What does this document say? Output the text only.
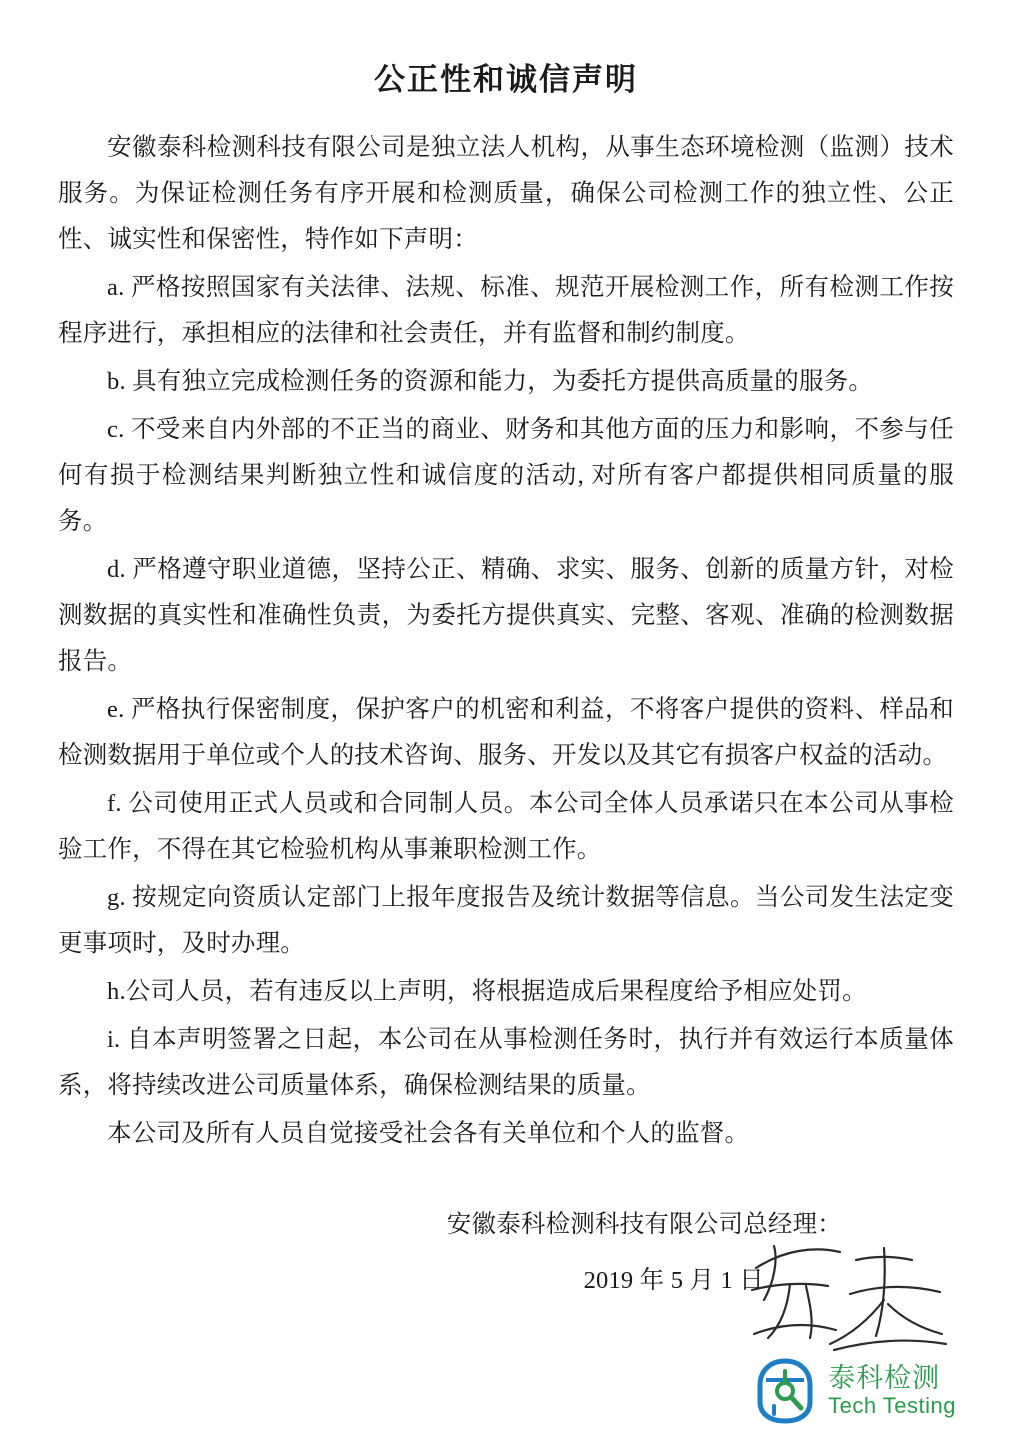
公正性和诚信声明

安徽泰科检测科技有限公司是独立法人机构，从事生态环境检测（监测）技术服务。为保证检测任务有序开展和检测质量，确保公司检测工作的独立性、公正性、诚实性和保密性，特作如下声明：

a. 严格按照国家有关法律、法规、标准、规范开展检测工作，所有检测工作按程序进行，承担相应的法律和社会责任，并有监督和制约制度。

b. 具有独立完成检测任务的资源和能力，为委托方提供高质量的服务。

c. 不受来自内外部的不正当的商业、财务和其他方面的压力和影响，不参与任何有损于检测结果判断独立性和诚信度的活动, 对所有客户都提供相同质量的服务。

d. 严格遵守职业道德，坚持公正、精确、求实、服务、创新的质量方针，对检测数据的真实性和准确性负责，为委托方提供真实、完整、客观、准确的检测数据报告。

e. 严格执行保密制度，保护客户的机密和利益，不将客户提供的资料、样品和检测数据用于单位或个人的技术咨询、服务、开发以及其它有损客户权益的活动。

f. 公司使用正式人员或和合同制人员。本公司全体人员承诺只在本公司从事检验工作，不得在其它检验机构从事兼职检测工作。

g. 按规定向资质认定部门上报年度报告及统计数据等信息。当公司发生法定变更事项时，及时办理。

h.公司人员，若有违反以上声明，将根据造成后果程度给予相应处罚。

i. 自本声明签署之日起，本公司在从事检测任务时，执行并有效运行本质量体系，将持续改进公司质量体系，确保检测结果的质量。

本公司及所有人员自觉接受社会各有关单位和个人的监督。

安徽泰科检测科技有限公司总经理：
2019 年 5 月 1 日
泰科检测
Tech Testing
